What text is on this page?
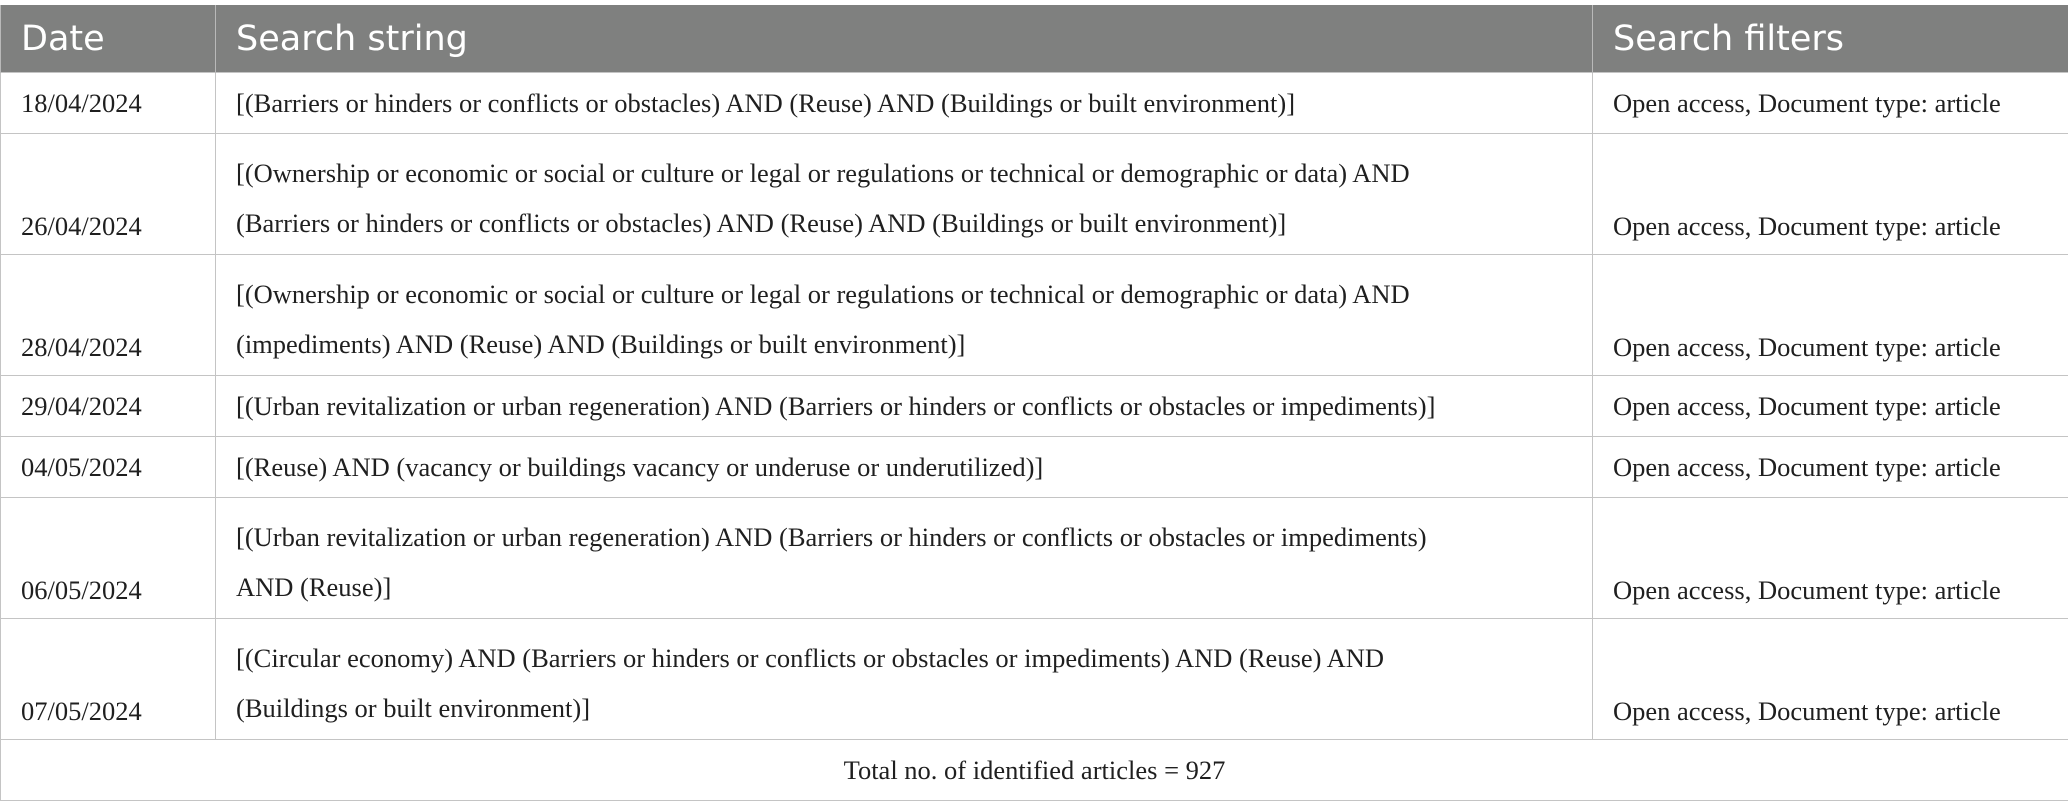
Date	Search string	Search filters
18/04/2024	[(Barriers or hinders or conflicts or obstacles) AND (Reuse) AND (Buildings or built environment)]	Open access, Document type: article
26/04/2024	[(Ownership or economic or social or culture or legal or regulations or technical or demographic or data) AND
(Barriers or hinders or conflicts or obstacles) AND (Reuse) AND (Buildings or built environment)]	Open access, Document type: article
28/04/2024	[(Ownership or economic or social or culture or legal or regulations or technical or demographic or data) AND
(impediments) AND (Reuse) AND (Buildings or built environment)]	Open access, Document type: article
29/04/2024	[(Urban revitalization or urban regeneration) AND (Barriers or hinders or conflicts or obstacles or impediments)]	Open access, Document type: article
04/05/2024	[(Reuse) AND (vacancy or buildings vacancy or underuse or underutilized)]	Open access, Document type: article
06/05/2024	[(Urban revitalization or urban regeneration) AND (Barriers or hinders or conflicts or obstacles or impediments)
AND (Reuse)]	Open access, Document type: article
07/05/2024	[(Circular economy) AND (Barriers or hinders or conflicts or obstacles or impediments) AND (Reuse) AND
(Buildings or built environment)]	Open access, Document type: article
Total no. of identified articles = 927		
